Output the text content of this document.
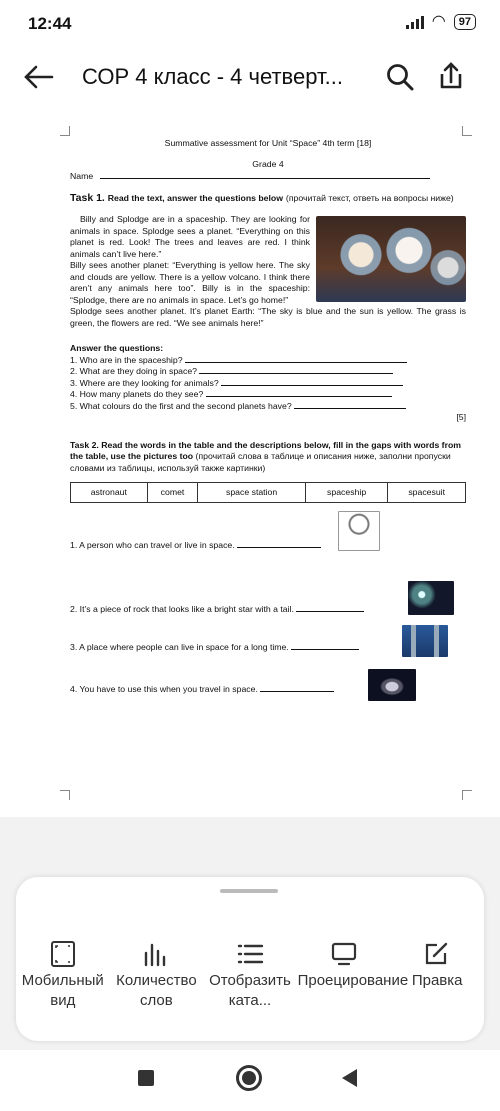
12:44	◠	97
СОР 4 класс - 4 четверт...
Summative assessment for Unit “Space” 4th term [18]
Grade 4
Name
Task 1. Read the text, answer the questions below (прочитай текст, ответь на вопросы ниже)

Billy and Splodge are in a spaceship. They are looking for animals in space. Splodge sees a planet. “Everything on this planet is red. Look! The trees and leaves are red. I think animals can’t live here.”

Billy sees another planet: “Everything is yellow here. The sky and clouds are yellow. There is a yellow volcano. I think there aren’t any animals here too”. Billy is in the spaceship: “Splodge, there are no animals in space. Let’s go home!”

Splodge sees another planet. It’s planet Earth: “The sky is blue and the sun is yellow. The grass is green, the flowers are red. “We see animals here!”

Answer the questions:
1. Who are in the spaceship?
2. What are they doing in space?
3. Where are they looking for animals?
4. How many planets do they see?
5. What colours do the first and the second planets have?
[5]
Task 2. Read the words in the table and the descriptions below, fill in the gaps with words from the table, use the pictures too (прочитай слова в таблице и описания ниже, заполни пропуски словами из таблицы, используй также картинки)
astronaut	comet	space station	spaceship	spacesuit
1. A person who can travel or live in space.
2. It’s a piece of rock that looks like a bright star with a tail.
3. A place where people can live in space for a long time.
4. You have to use this when you travel in space.
Мобильный вид
Количество слов
Отобразить ката...
Проецирование Правка
